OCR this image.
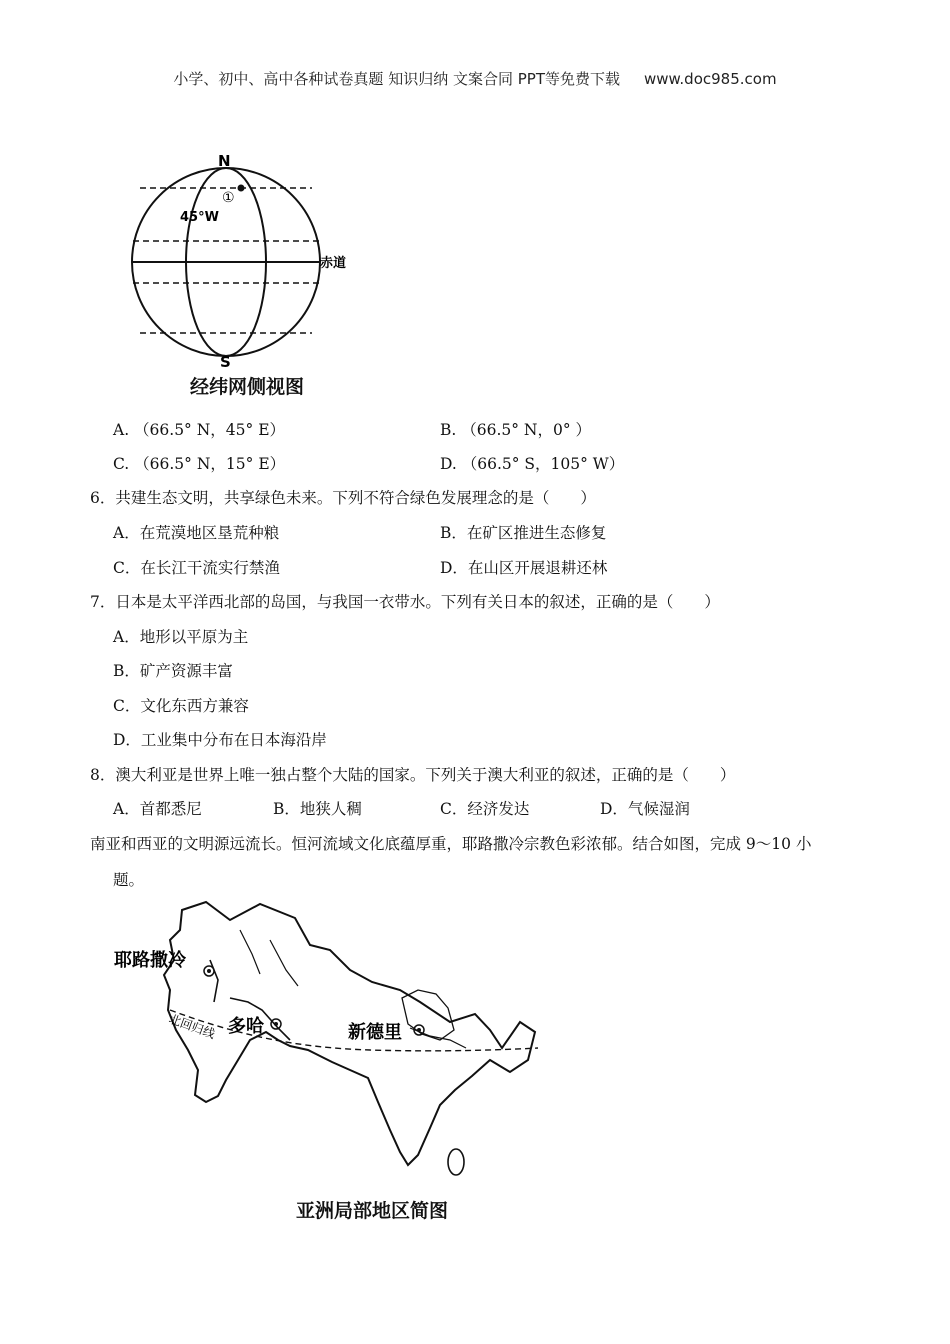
小学、初中、高中各种试卷真题 知识归纳 文案合同 PPT等免费下载 www.doc985.com
N
S
45°W
①
赤道
经纬网侧视图
A. （66.5° N，45° E）	B. （66.5° N，0° ）
C. （66.5° N，15° E）	D. （66.5° S，105° W）
6．共建生态文明，共享绿色未来。下列不符合绿色发展理念的是（　　）
A．在荒漠地区垦荒种粮	B．在矿区推进生态修复
C．在长江干流实行禁渔	D．在山区开展退耕还林
7．日本是太平洋西北部的岛国，与我国一衣带水。下列有关日本的叙述，正确的是（　　）
A．地形以平原为主
B．矿产资源丰富
C．文化东西方兼容
D．工业集中分布在日本海沿岸
8．澳大利亚是世界上唯一独占整个大陆的国家。下列关于澳大利亚的叙述，正确的是（　　）
A．首都悉尼	B．地狭人稠	C．经济发达	D．气候湿润
南亚和西亚的文明源远流长。恒河流域文化底蕴厚重，耶路撒冷宗教色彩浓郁。结合如图，完成 9～10 小
题。
耶路撒冷
多哈	新德里
北回归线
亚洲局部地区简图
